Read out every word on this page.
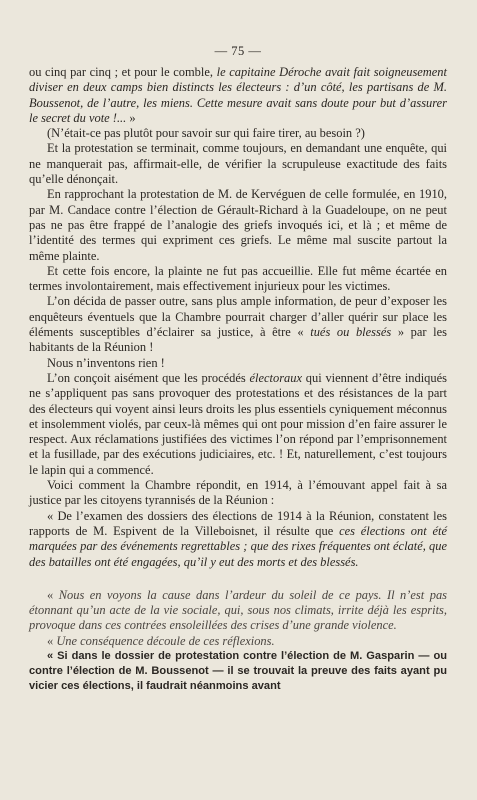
— 75 —

ou cinq par cinq ; et pour le comble, le capitaine Déroche avait fait soigneusement diviser en deux camps bien distincts les électeurs : d’un côté, les partisans de M. Boussenot, de l’autre, les miens. Cette mesure avait sans doute pour but d’assurer le secret du vote !... »

(N’était-ce pas plutôt pour savoir sur qui faire tirer, au besoin ?)

Et la protestation se terminait, comme toujours, en demandant une enquête, qui ne manquerait pas, affirmait-elle, de vérifier la scrupuleuse exactitude des faits qu’elle dénonçait.

En rapprochant la protestation de M. de Kervéguen de celle formulée, en 1910, par M. Candace contre l’élection de Gérault-Richard à la Guadeloupe, on ne peut pas ne pas être frappé de l’analogie des griefs invoqués ici, et là ; et même de l’identité des termes qui expriment ces griefs. Le même mal suscite partout la même plainte.

Et cette fois encore, la plainte ne fut pas accueillie. Elle fut même écartée en termes involontairement, mais effectivement injurieux pour les victimes.

L’on décida de passer outre, sans plus ample information, de peur d’exposer les enquêteurs éventuels que la Chambre pourrait charger d’aller quérir sur place les éléments susceptibles d’éclairer sa justice, à être « tués ou blessés » par les habitants de la Réunion !

Nous n’inventons rien !

L’on conçoit aisément que les procédés électoraux qui viennent d’être indiqués ne s’appliquent pas sans provoquer des protestations et des résistances de la part des électeurs qui voyent ainsi leurs droits les plus essentiels cyniquement méconnus et insolemment violés, par ceux-là mêmes qui ont pour mission d’en faire assurer le respect. Aux réclamations justifiées des victimes l’on répond par l’emprisonnement et la fusillade, par des exécutions judiciaires, etc. ! Et, naturellement, c’est toujours le lapin qui a commencé.

Voici comment la Chambre répondit, en 1914, à l’émouvant appel fait à sa justice par les citoyens tyrannisés de la Réunion :

« De l’examen des dossiers des élections de 1914 à la Réunion, constatent les rapports de M. Espivent de la Villeboisnet, il résulte que ces élections ont été marquées par des événements regrettables ; que des rixes fréquentes ont éclaté, que des batailles ont été engagées, qu’il y eut des morts et des blessés.

« Nous en voyons la cause dans l’ardeur du soleil de ce pays. Il n’est pas étonnant qu’un acte de la vie sociale, qui, sous nos climats, irrite déjà les esprits, provoque dans ces contrées ensoleillées des crises d’une grande violence.

« Une conséquence découle de ces réflexions.

« Si dans le dossier de protestation contre l’élection de M. Gasparin — ou contre l’élection de M. Boussenot — il se trouvait la preuve des faits ayant pu vicier ces élections, il faudrait néanmoins avant
